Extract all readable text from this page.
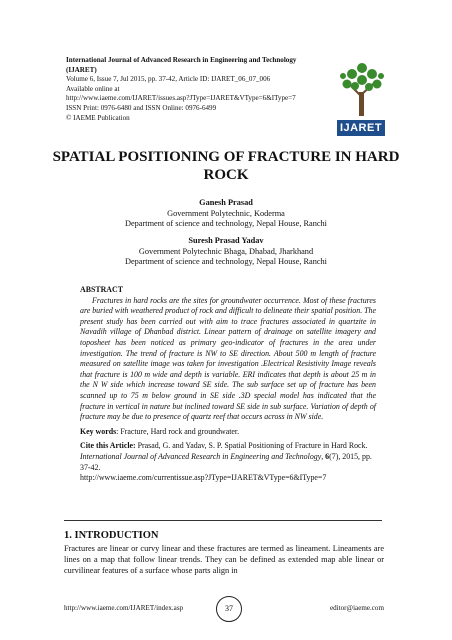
International Journal of Advanced Research in Engineering and Technology
(IJARET)
Volume 6, Issue 7, Jul 2015, pp. 37-42, Article ID: IJARET_06_07_006
Available online at
http://www.iaeme.com/IJARET/issues.asp?JType=IJARET&VType=6&IType=7
ISSN Print: 0976-6480 and ISSN Online: 0976-6499
© IAEME Publication
IJARET
SPATIAL POSITIONING OF FRACTURE IN HARD ROCK
Ganesh Prasad
Government Polytechnic, Koderma
Department of science and technology, Nepal House, Ranchi
Suresh Prasad Yadav
Government Polytechnic Bhaga, Dhabad, Jharkhand
Department of science and technology, Nepal House, Ranchi
ABSTRACT
Fractures in hard rocks are the sites for groundwater occurrence. Most of these fractures are buried with weathered product of rock and difficult to delineate their spatial position. The present study has been carried out with aim to trace fractures associated in quartzite in Navadih village of Dhanbad district. Linear pattern of drainage on satellite imagery and toposheet has been noticed as primary geo-indicator of fractures in the area under investigation. The trend of fracture is NW to SE direction. About 500 m length of fracture measured on satellite image was taken for investigation .Electrical Resistivity Image reveals that fracture is 100 m wide and depth is variable. ERI indicates that depth is about 25 m in the N W side which increase toward SE side. The sub surface set up of fracture has been scanned up to 75 m below ground in SE side .3D special model has indicated that the fracture in vertical in nature but inclined toward SE side in sub surface. Variation of depth of fracture may be due to presence of quartz reef that occurs across in NW side.
Key words: Fracture, Hard rock and groundwater.
Cite this Article: Prasad, G. and Yadav, S. P. Spatial Positioning of Fracture in Hard Rock. International Journal of Advanced Research in Engineering and Technology, 6(7), 2015, pp. 37-42.
http://www.iaeme.com/currentissue.asp?JType=IJARET&VType=6&IType=7
1. INTRODUCTION
Fractures are linear or curvy linear and these fractures are termed as lineament. Lineaments are lines on a map that follow linear trends. They can be defined as extended map able linear or curvilinear features of a surface whose parts align in
http://www.iaeme.com/IJARET/index.asp	37	editor@iaeme.com
